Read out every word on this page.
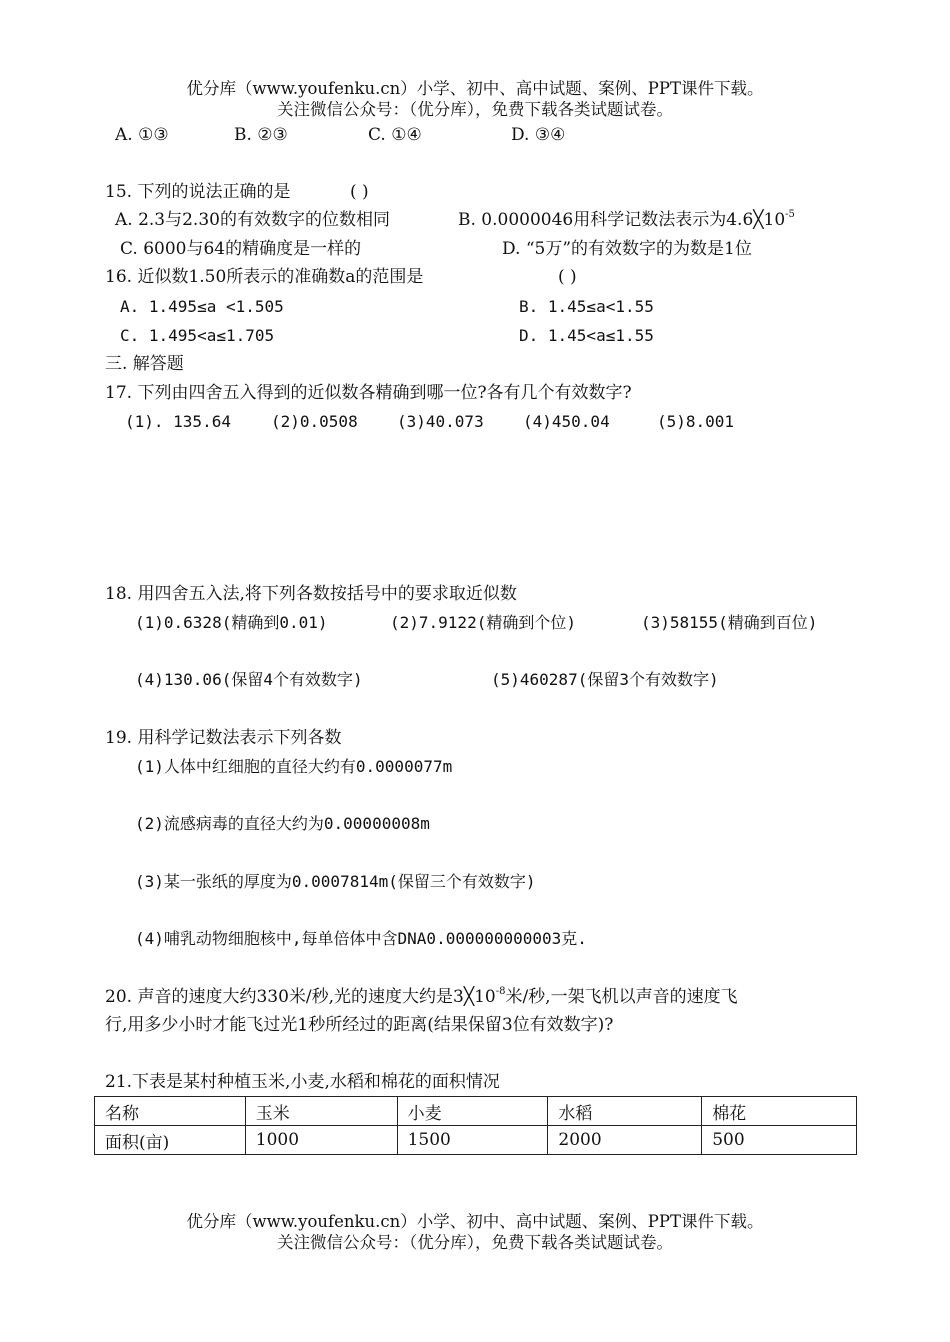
优分库（www.youfenku.cn）小学、初中、高中试题、案例、PPT课件下载。
关注微信公众号：（优分库），免费下载各类试题试卷。
A. ①③	B. ②③	C. ①④	D. ③④
15. 下列的说法正确的是	( )
A. 2.3与2.30的有效数字的位数相同	B. 0.0000046用科学记数法表示为$4.6╳10^{-5}$
C. 6000与64的精确度是一样的	D. “5万”的有效数字的为数是1位
16. 近似数1.50所表示的准确数a的范围是	( )
A. 1.495≤a <1.505	B. 1.45≤a<1.55
C. 1.495<a≤1.705	D. 1.45<a≤1.55
三. 解答题
17. 下列由四舍五入得到的近似数各精确到哪一位?各有几个有效数字?
(1). 135.64	(2)0.0508 (3)40.073 (4)450.04	(5)8.001
18. 用四舍五入法,将下列各数按括号中的要求取近似数
(1)0.6328(精确到0.01)	(2)7.9122(精确到个位)	(3)58155(精确到百位)
(4)130.06(保留4个有效数字)	(5)460287(保留3个有效数字)
19. 用科学记数法表示下列各数
(1)人体中红细胞的直径大约有0.0000077m
(2)流感病毒的直径大约为0.00000008m
(3)某一张纸的厚度为0.0007814m(保留三个有效数字)
(4)哺乳动物细胞核中,每单倍体中含DNA0.000000000003克.
20. 声音的速度大约330米/秒,光的速度大约是$3╳10^{-8}$米/秒,一架飞机以声音的速度飞
行,用多少小时才能飞过光1秒所经过的距离(结果保留3位有效数字)?
21.下表是某村种植玉米,小麦,水稻和棉花的面积情况
名称	玉米	小麦	水稻	棉花
面积(亩)	1000	1500	2000	500
优分库（www.youfenku.cn）小学、初中、高中试题、案例、PPT课件下载。
关注微信公众号：（优分库），免费下载各类试题试卷。
